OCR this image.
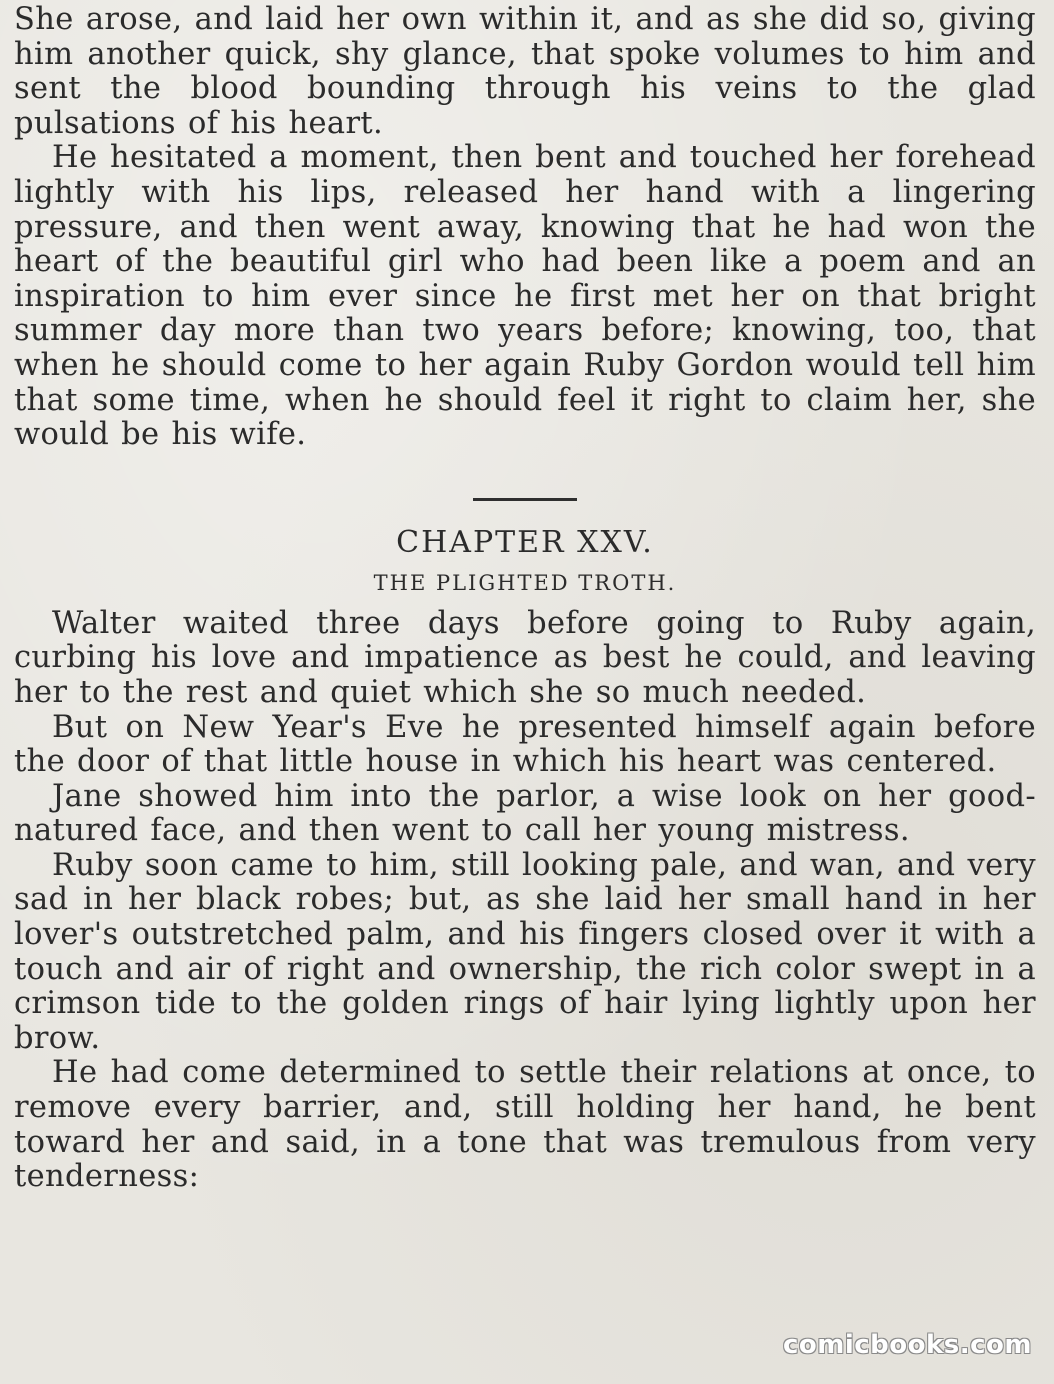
She arose, and laid her own within it, and as she did so, giving him another quick, shy glance, that spoke volumes to him and sent the blood bounding through his veins to the glad pulsations of his heart.

He hesitated a moment, then bent and touched her forehead lightly with his lips, released her hand with a lingering pressure, and then went away, knowing that he had won the heart of the beautiful girl who had been like a poem and an inspiration to him ever since he first met her on that bright summer day more than two years before; knowing, too, that when he should come to her again Ruby Gordon would tell him that some time, when he should feel it right to claim her, she would be his wife.

CHAPTER XXV.
THE PLIGHTED TROTH.

Walter waited three days before going to Ruby again, curbing his love and impatience as best he could, and leaving her to the rest and quiet which she so much needed.

But on New Year's Eve he presented himself again before the door of that little house in which his heart was centered.

Jane showed him into the parlor, a wise look on her good-natured face, and then went to call her young mistress.

Ruby soon came to him, still looking pale, and wan, and very sad in her black robes; but, as she laid her small hand in her lover's outstretched palm, and his fingers closed over it with a touch and air of right and ownership, the rich color swept in a crimson tide to the golden rings of hair lying lightly upon her brow.

He had come determined to settle their relations at once, to remove every barrier, and, still holding her hand, he bent toward her and said, in a tone that was tremulous from very tenderness:

comicbooks.com
